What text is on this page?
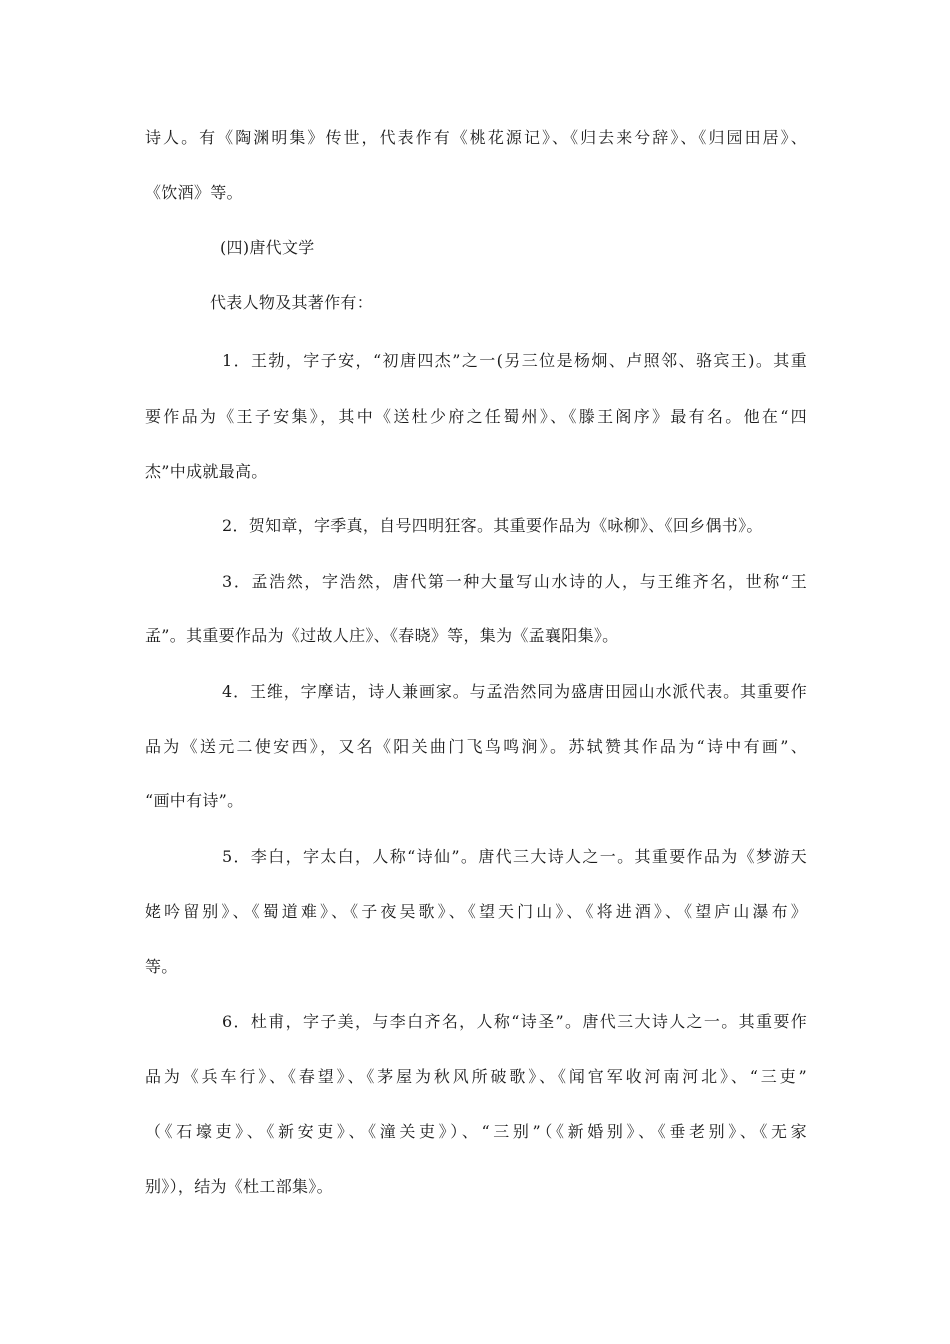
诗人。有《陶渊明集》传世，代表作有《桃花源记》、《归去来兮辞》、《归园田居》、
《饮酒》等。
(四)唐代文学
代表人物及其著作有：
1．王勃，字子安，“初唐四杰”之一(另三位是杨炯、卢照邻、骆宾王)。其重
要作品为《王子安集》，其中《送杜少府之任蜀州》、《滕王阁序》最有名。他在“四
杰”中成就最高。
2．贺知章，字季真，自号四明狂客。其重要作品为《咏柳》、《回乡偶书》。
3．孟浩然，字浩然，唐代第一种大量写山水诗的人，与王维齐名，世称“王
孟”。其重要作品为《过故人庄》、《春晓》等，集为《孟襄阳集》。
4．王维，字摩诘，诗人兼画家。与孟浩然同为盛唐田园山水派代表。其重要作
品为《送元二使安西》，又名《阳关曲门飞鸟鸣涧》。苏轼赞其作品为“诗中有画”、
“画中有诗”。
5．李白，字太白，人称“诗仙”。唐代三大诗人之一。其重要作品为《梦游天
姥吟留别》、《蜀道难》、《子夜吴歌》、《望天门山》、《将进酒》、《望庐山瀑布》
等。
6．杜甫，字子美，与李白齐名，人称“诗圣”。唐代三大诗人之一。其重要作
品为《兵车行》、《春望》、《茅屋为秋风所破歌》、《闻官军收河南河北》、“三吏”
（《石壕吏》、《新安吏》、《潼关吏》）、“三别”（《新婚别》、《垂老别》、《无家
别》），结为《杜工部集》。
